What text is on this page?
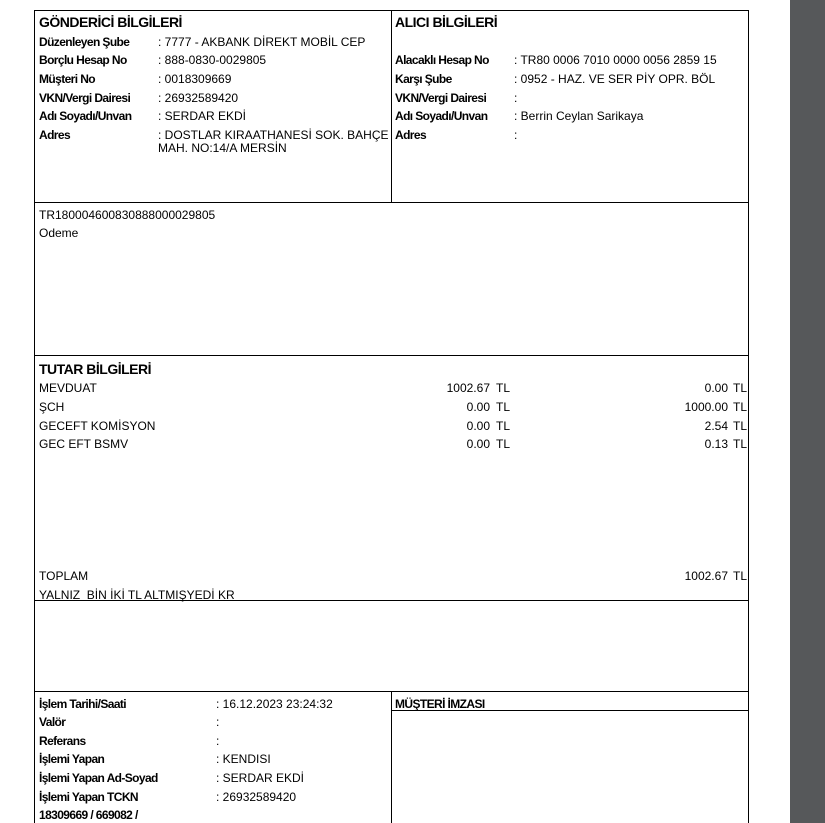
GÖNDERİCİ BİLGİLERİ
Düzenleyen Şube : 7777 - AKBANK DİREKT MOBİL CEP
Borçlu Hesap No	: 888-0830-0029805
Müşteri No	: 0018309669
VKN/Vergi Dairesi : 26932589420
Adı Soyadı/Unvan : SERDAR EKDİ
Adres	: DOSTLAR KIRAATHANESİ SOK. BAHÇE
MAH. NO:14/A MERSİN
ALICI BİLGİLERİ
Alacaklı Hesap No : TR80 0006 7010 0000 0056 2859 15
Karşı Şube	: 0952 - HAZ. VE SER PİY OPR. BÖL
VKN/Vergi Dairesi :
Adı Soyadı/Unvan : Berrin Ceylan Sarikaya
Adres	:
TR180004600830888000029805
Odeme
TUTAR BİLGİLERİ
MEVDUAT	1002.67 TL	0.00 TL
ŞCH	0.00 TL	1000.00 TL
GECEFT KOMİSYON	0.00 TL	2.54 TL
GEC EFT BSMV	0.00 TL	0.13 TL
TOPLAM	1002.67 TL
YALNIZ  BİN İKİ TL ALTMIŞYEDİ KR
İşlem Tarihi/Saati	: 16.12.2023 23:24:32
Valör	:
Referans	:
İşlemi Yapan	: KENDISI
İşlemi Yapan Ad-Soyad	: SERDAR EKDİ
İşlemi Yapan TCKN	: 26932589420
18309669 / 669082 /
MÜŞTERİ İMZASI
